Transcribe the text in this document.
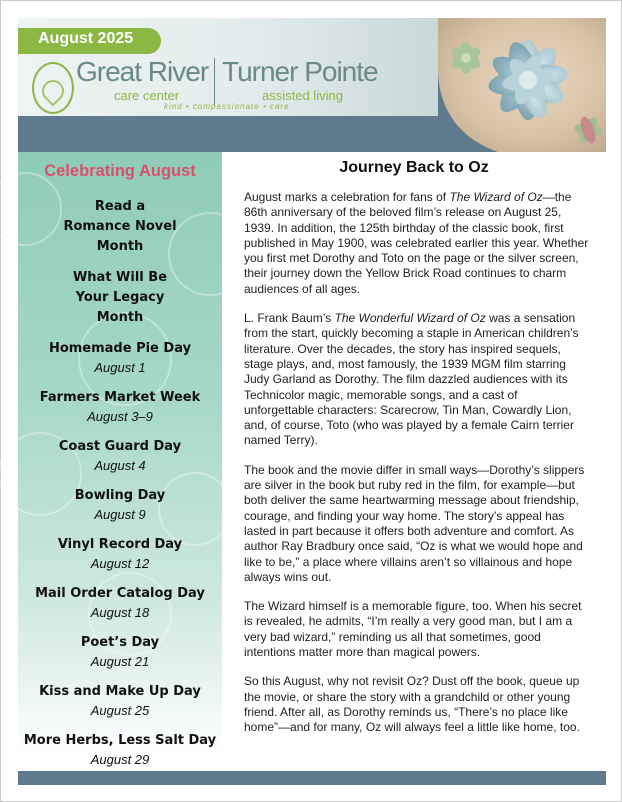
August 2025
Great River
care center
Turner Pointe
assisted living
kind • compassionate • care
Celebrating August
Read a Romance Novel Month
What Will Be Your Legacy Month
Homemade Pie Day
August 1
Farmers Market Week
August 3–9
Coast Guard Day
August 4
Bowling Day
August 9
Vinyl Record Day
August 12
Mail Order Catalog Day
August 18
Poet’s Day
August 21
Kiss and Make Up Day
August 25
More Herbs, Less Salt Day
August 29
Journey Back to Oz

August marks a celebration for fans of The Wizard of Oz—the 86th anniversary of the beloved film’s release on August 25, 1939. In addition, the 125th birthday of the classic book, first published in May 1900, was celebrated earlier this year. Whether you first met Dorothy and Toto on the page or the silver screen, their journey down the Yellow Brick Road continues to charm audiences of all ages.

L. Frank Baum’s The Wonderful Wizard of Oz was a sensation from the start, quickly becoming a staple in American children’s literature. Over the decades, the story has inspired sequels, stage plays, and, most famously, the 1939 MGM film starring Judy Garland as Dorothy. The film dazzled audiences with its Technicolor magic, memorable songs, and a cast of unforgettable characters: Scarecrow, Tin Man, Cowardly Lion, and, of course, Toto (who was played by a female Cairn terrier named Terry).

The book and the movie differ in small ways—Dorothy’s slippers are silver in the book but ruby red in the film, for example—but both deliver the same heartwarming message about friendship, courage, and finding your way home. The story’s appeal has lasted in part because it offers both adventure and comfort. As author Ray Bradbury once said, “Oz is what we would hope and like to be,” a place where villains aren’t so villainous and hope always wins out.

The Wizard himself is a memorable figure, too. When his secret is revealed, he admits, “I’m really a very good man, but I am a very bad wizard,” reminding us all that sometimes, good intentions matter more than magical powers.

So this August, why not revisit Oz? Dust off the book, queue up the movie, or share the story with a grandchild or other young friend. After all, as Dorothy reminds us, “There’s no place like home”—and for many, Oz will always feel a little like home, too.
